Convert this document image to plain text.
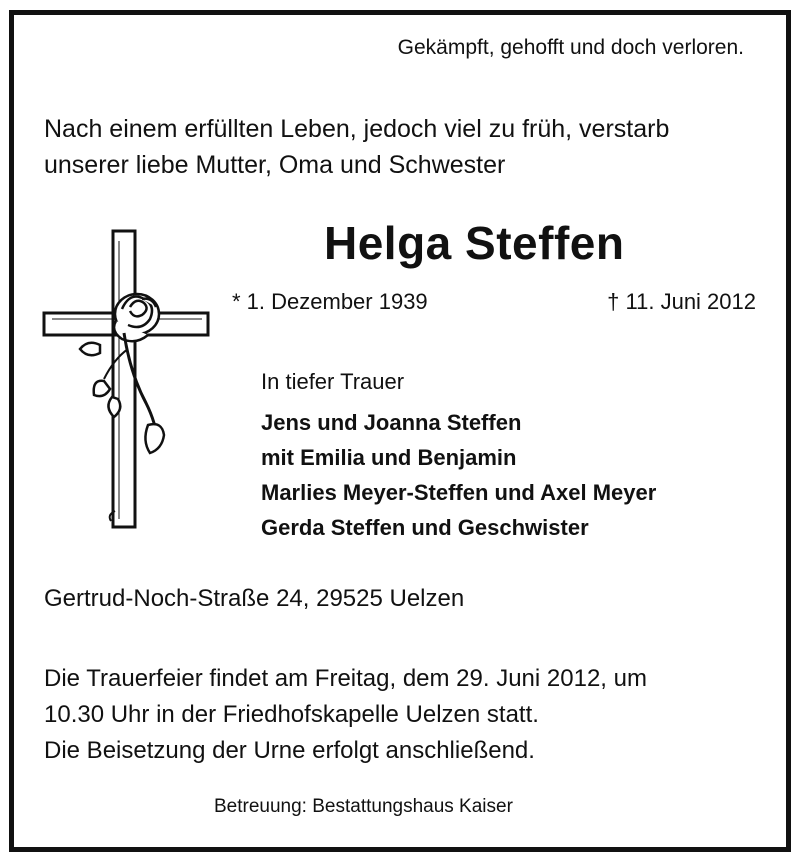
Gekämpft, gehofft und doch verloren.
Nach einem erfüllten Leben, jedoch viel zu früh, verstarb
unserer liebe Mutter, Oma und Schwester
Helga Steffen
* 1. Dezember 1939	† 11. Juni 2012
In tiefer Trauer
Jens und Joanna Steffen
mit Emilia und Benjamin
Marlies Meyer-Steffen und Axel Meyer
Gerda Steffen und Geschwister
Gertrud-Noch-Straße 24, 29525 Uelzen
Die Trauerfeier findet am Freitag, dem 29. Juni 2012, um
10.30 Uhr in der Friedhofskapelle Uelzen statt.
Die Beisetzung der Urne erfolgt anschließend.
Betreuung: Bestattungshaus Kaiser
